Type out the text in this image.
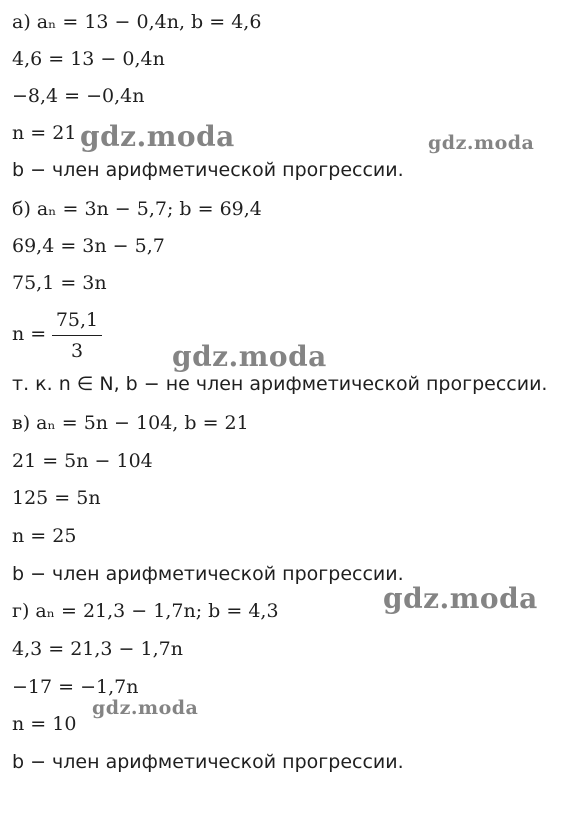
а) aₙ = 13 − 0,4n, b = 4,6
4,6 = 13 − 0,4n
−8,4 = −0,4n
n = 21
b − член арифметической прогрессии.
б) aₙ = 3n − 5,7; b = 69,4
69,4 = 3n − 5,7
75,1 = 3n
n =
75,1
3
т. к. n ∈ N, b − не член арифметической прогрессии.
в) aₙ = 5n − 104, b = 21
21 = 5n − 104
125 = 5n
n = 25
b − член арифметической прогрессии.
г) aₙ = 21,3 − 1,7n; b = 4,3
4,3 = 21,3 − 1,7n
−17 = −1,7n
n = 10
b − член арифметической прогрессии.
gdz.moda	gdz.moda
gdz.moda
gdz.moda
gdz.moda
